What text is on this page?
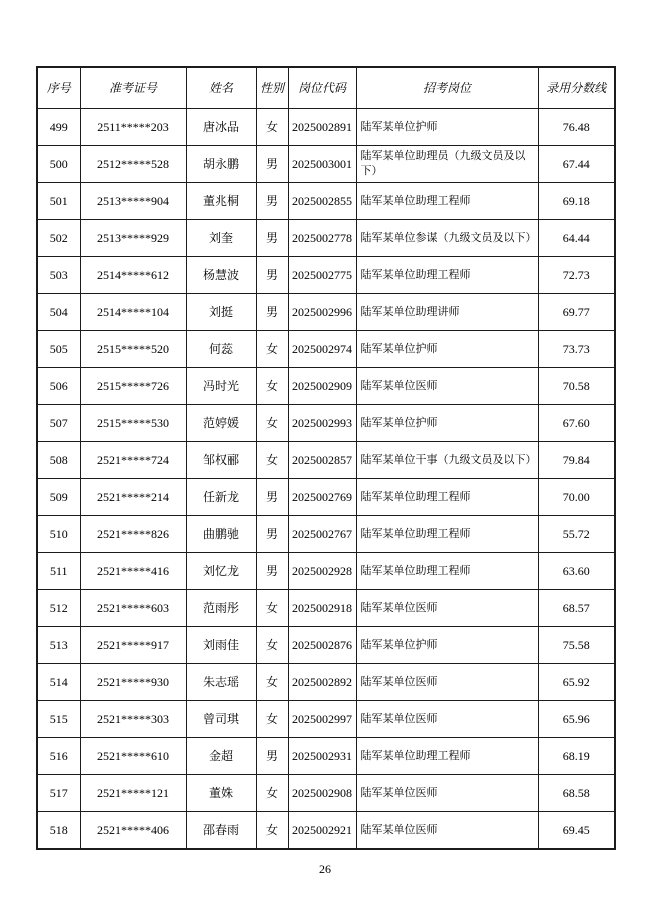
序号	准考证号	姓名	性别	岗位代码	招考岗位	录用分数线
499	2511*****203	唐冰品	女	2025002891	陆军某单位护师	76.48
500	2512*****528	胡永鹏	男	2025003001	陆军某单位助理员（九级文员及以下）	67.44
501	2513*****904	董兆桐	男	2025002855	陆军某单位助理工程师	69.18
502	2513*****929	刘奎	男	2025002778	陆军某单位参谋（九级文员及以下）	64.44
503	2514*****612	杨慧波	男	2025002775	陆军某单位助理工程师	72.73
504	2514*****104	刘挺	男	2025002996	陆军某单位助理讲师	69.77
505	2515*****520	何蕊	女	2025002974	陆军某单位护师	73.73
506	2515*****726	冯时光	女	2025002909	陆军某单位医师	70.58
507	2515*****530	范婷媛	女	2025002993	陆军某单位护师	67.60
508	2521*****724	邹权郦	女	2025002857	陆军某单位干事（九级文员及以下）	79.84
509	2521*****214	任新龙	男	2025002769	陆军某单位助理工程师	70.00
510	2521*****826	曲鹏驰	男	2025002767	陆军某单位助理工程师	55.72
511	2521*****416	刘忆龙	男	2025002928	陆军某单位助理工程师	63.60
512	2521*****603	范雨彤	女	2025002918	陆军某单位医师	68.57
513	2521*****917	刘雨佳	女	2025002876	陆军某单位护师	75.58
514	2521*****930	朱志瑶	女	2025002892	陆军某单位医师	65.92
515	2521*****303	曾司琪	女	2025002997	陆军某单位医师	65.96
516	2521*****610	金超	男	2025002931	陆军某单位助理工程师	68.19
517	2521*****121	董姝	女	2025002908	陆军某单位医师	68.58
518	2521*****406	邵春雨	女	2025002921	陆军某单位医师	69.45
26
